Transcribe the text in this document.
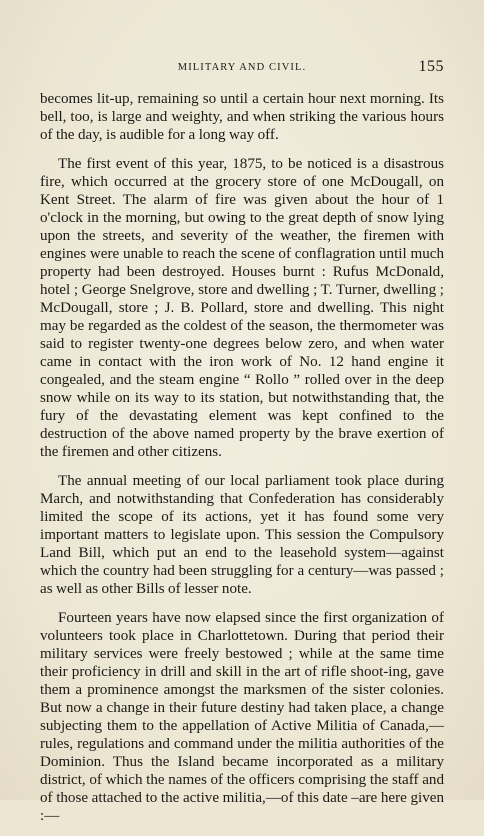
MILITARY AND CIVIL.	155

becomes lit-up, remaining so until a certain hour next morning. Its bell, too, is large and weighty, and when striking the various hours of the day, is audible for a long way off.

The first event of this year, 1875, to be noticed is a disastrous fire, which occurred at the grocery store of one McDougall, on Kent Street. The alarm of fire was given about the hour of 1 o'clock in the morning, but owing to the great depth of snow lying upon the streets, and severity of the weather, the firemen with engines were unable to reach the scene of conflagration until much property had been destroyed. Houses burnt : Rufus McDonald, hotel ; George Snelgrove, store and dwelling ; T. Turner, dwelling ; McDougall, store ; J. B. Pollard, store and dwelling. This night may be regarded as the coldest of the season, the thermometer was said to register twenty-one degrees below zero, and when water came in contact with the iron work of No. 12 hand engine it congealed, and the steam engine “ Rollo ” rolled over in the deep snow while on its way to its station, but notwithstanding that, the fury of the devastating element was kept confined to the destruction of the above named property by the brave exertion of the firemen and other citizens.

The annual meeting of our local parliament took place during March, and notwithstanding that Confederation has considerably limited the scope of its actions, yet it has found some very important matters to legislate upon. This session the Compulsory Land Bill, which put an end to the leasehold system—against which the country had been struggling for a century—was passed ; as well as other Bills of lesser note.

Fourteen years have now elapsed since the first organization of volunteers took place in Charlottetown. During that period their military services were freely bestowed ; while at the same time their proficiency in drill and skill in the art of rifle shoot-ing, gave them a prominence amongst the marksmen of the sister colonies. But now a change in their future destiny had taken place, a change subjecting them to the appellation of Active Militia of Canada,—rules, regulations and command under the militia authorities of the Dominion. Thus the Island became incorporated as a military district, of which the names of the officers comprising the staff and of those attached to the active militia,—of this date –are here given :—
